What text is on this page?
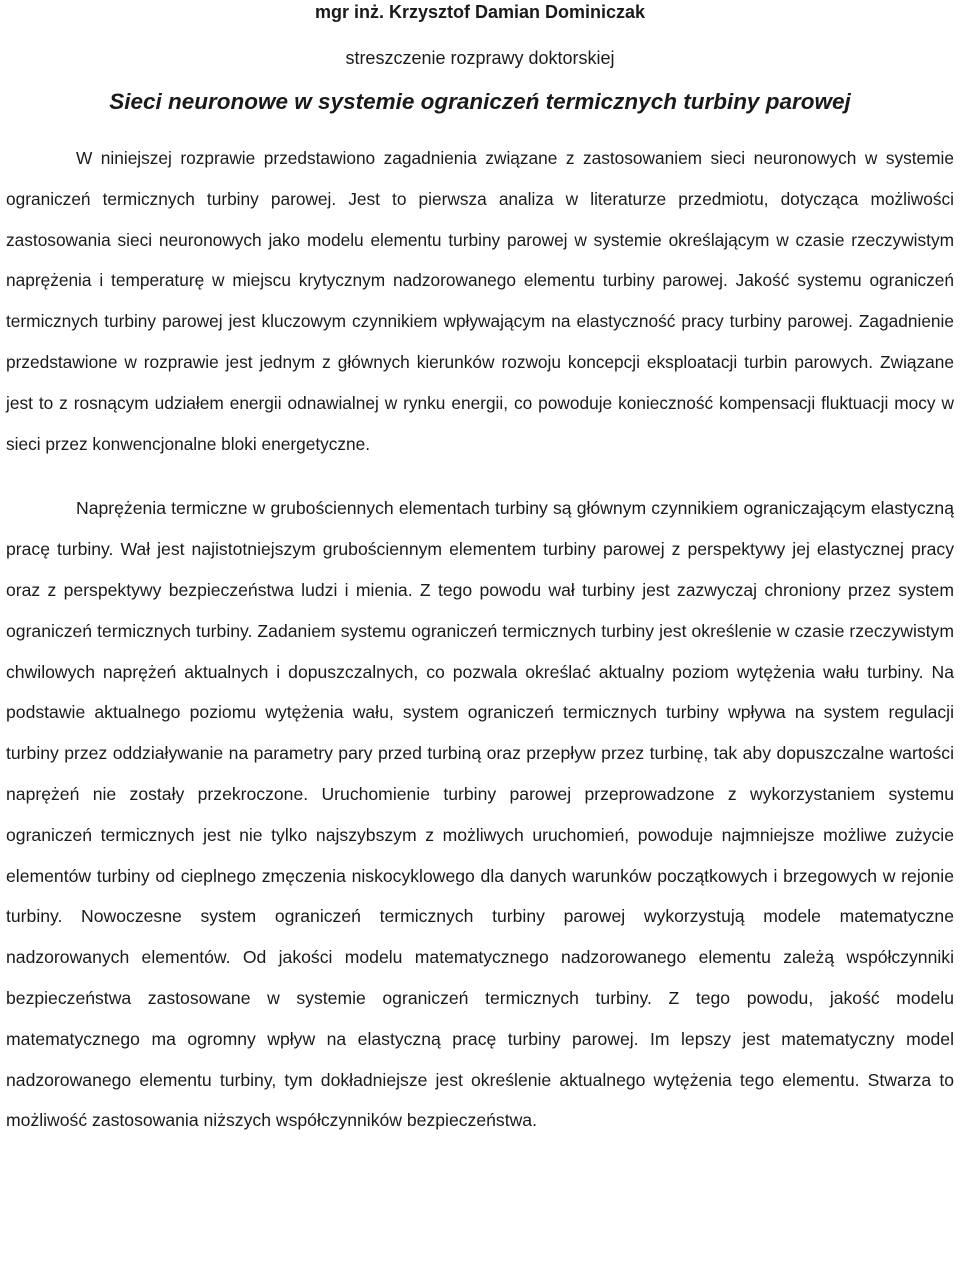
mgr inż. Krzysztof Damian Dominiczak

streszczenie rozprawy doktorskiej

Sieci neuronowe w systemie ograniczeń termicznych turbiny parowej

W niniejszej rozprawie przedstawiono zagadnienia związane z zastosowaniem sieci neuronowych w systemie ograniczeń termicznych turbiny parowej. Jest to pierwsza analiza w literaturze przedmiotu, dotycząca możliwości zastosowania sieci neuronowych jako modelu elementu turbiny parowej w systemie określającym w czasie rzeczywistym naprężenia i temperaturę w miejscu krytycznym nadzorowanego elementu turbiny parowej. Jakość systemu ograniczeń termicznych turbiny parowej jest kluczowym czynnikiem wpływającym na elastyczność pracy turbiny parowej. Zagadnienie przedstawione w rozprawie jest jednym z głównych kierunków rozwoju koncepcji eksploatacji turbin parowych. Związane jest to z rosnącym udziałem energii odnawialnej w rynku energii, co powoduje konieczność kompensacji fluktuacji mocy w sieci przez konwencjonalne bloki energetyczne.

Naprężenia termiczne w grubościennych elementach turbiny są głównym czynnikiem ograniczającym elastyczną pracę turbiny. Wał jest najistotniejszym grubościennym elementem turbiny parowej z perspektywy jej elastycznej pracy oraz z perspektywy bezpieczeństwa ludzi i mienia. Z tego powodu wał turbiny jest zazwyczaj chroniony przez system ograniczeń termicznych turbiny. Zadaniem systemu ograniczeń termicznych turbiny jest określenie w czasie rzeczywistym chwilowych naprężeń aktualnych i dopuszczalnych, co pozwala określać aktualny poziom wytężenia wału turbiny. Na podstawie aktualnego poziomu wytężenia wału, system ograniczeń termicznych turbiny wpływa na system regulacji turbiny przez oddziaływanie na parametry pary przed turbiną oraz przepływ przez turbinę, tak aby dopuszczalne wartości naprężeń nie zostały przekroczone. Uruchomienie turbiny parowej przeprowadzone z wykorzystaniem systemu ograniczeń termicznych jest nie tylko najszybszym z możliwych uruchomień, powoduje najmniejsze możliwe zużycie elementów turbiny od cieplnego zmęczenia niskocyklowego dla danych warunków początkowych i brzegowych w rejonie turbiny. Nowoczesne system ograniczeń termicznych turbiny parowej wykorzystują modele matematyczne nadzorowanych elementów. Od jakości modelu matematycznego nadzorowanego elementu zależą współczynniki bezpieczeństwa zastosowane w systemie ograniczeń termicznych turbiny. Z tego powodu, jakość modelu matematycznego ma ogromny wpływ na elastyczną pracę turbiny parowej. Im lepszy jest matematyczny model nadzorowanego elementu turbiny, tym dokładniejsze jest określenie aktualnego wytężenia tego elementu. Stwarza to możliwość zastosowania niższych współczynników bezpieczeństwa.
